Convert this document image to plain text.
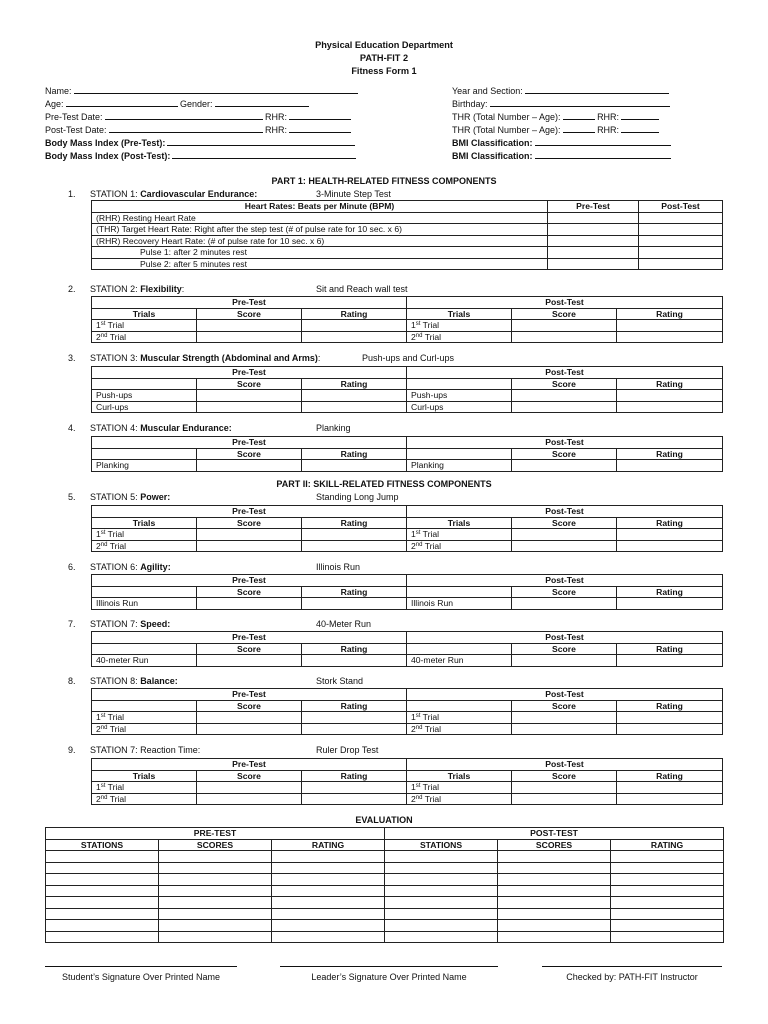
Physical Education Department
PATH-FIT 2
Fitness Form 1
Name:
Age:	Gender:
Pre-Test Date:	RHR:
Post-Test Date:	RHR:
Body Mass Index (Pre-Test):
Body Mass Index (Post-Test):
Year and Section:
Birthday:
THR (Total Number – Age):	RHR:
THR (Total Number – Age):	RHR:
BMI Classification:
BMI Classification:
PART 1: HEALTH-RELATED FITNESS COMPONENTS
1. STATION 1: Cardiovascular Endurance:	3-Minute Step Test
Heart Rates: Beats per Minute (BPM)	Pre-Test	Post-Test
(RHR) Resting Heart Rate		
(THR) Target Heart Rate: Right after the step test (# of pulse rate for 10 sec. x 6)		
(RHR) Recovery Heart Rate: (# of pulse rate for 10 sec. x 6)		
Pulse 1: after 2 minutes rest		
Pulse 2: after 5 minutes rest		
2. STATION 2: Flexibility:	Sit and Reach wall test
Pre-Test			Post-Test		
Trials	Score	Rating	Trials	Score	Rating
1st Trial			1st Trial		
2nd Trial			2nd Trial		
3. STATION 3: Muscular Strength (Abdominal and Arms):	Push-ups and Curl-ups
Pre-Test			Post-Test		
	Score	Rating		Score	Rating
Push-ups			Push-ups		
Curl-ups			Curl-ups		
4. STATION 4: Muscular Endurance:	Planking
Pre-Test			Post-Test		
	Score	Rating		Score	Rating
Planking			Planking		
PART II: SKILL-RELATED FITNESS COMPONENTS
5. STATION 5: Power:	Standing Long Jump
Pre-Test			Post-Test		
Trials	Score	Rating	Trials	Score	Rating
1st Trial			1st Trial		
2nd Trial			2nd Trial		
6. STATION 6: Agility:	Illinois Run
Pre-Test			Post-Test		
	Score	Rating		Score	Rating
Illinois Run			Illinois Run		
7. STATION 7: Speed:	40-Meter Run
Pre-Test			Post-Test		
	Score	Rating		Score	Rating
40-meter Run			40-meter Run		
8. STATION 8: Balance:	Stork Stand
Pre-Test			Post-Test		
	Score	Rating		Score	Rating
1st Trial			1st Trial		
2nd Trial			2nd Trial		
9. STATION 7: Reaction Time:	Ruler Drop Test
Pre-Test			Post-Test		
Trials	Score	Rating	Trials	Score	Rating
1st Trial			1st Trial		
2nd Trial			2nd Trial		
EVALUATION
PRE-TEST			POST-TEST		
STATIONS	SCORES	RATING	STATIONS	SCORES	RATING

Student’s Signature Over Printed Name	Leader’s Signature Over Printed Name	Checked by: PATH-FIT Instructor
